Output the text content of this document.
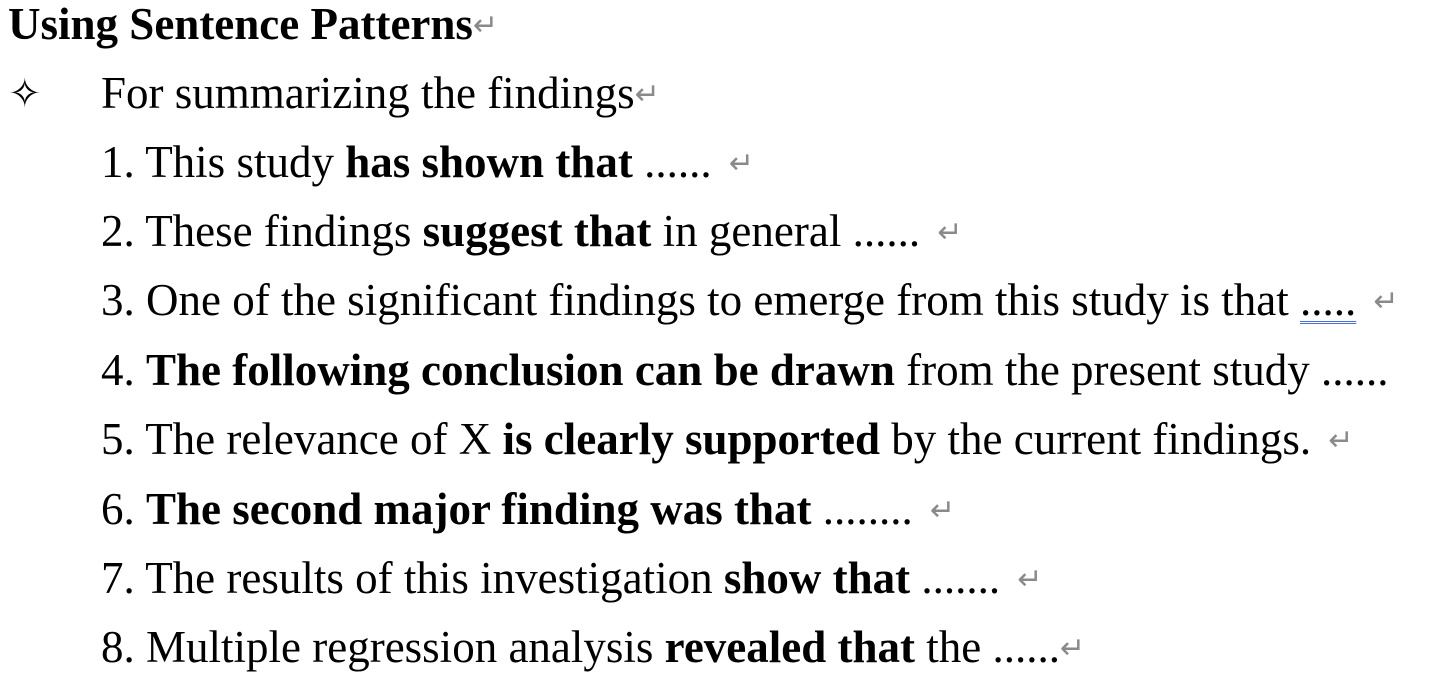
Using Sentence Patterns↵
✧ For summarizing the findings↵
1. This study has shown that ...... ↵
2. These findings suggest that in general ...... ↵
3. One of the significant findings to emerge from this study is that ..... ↵
4. The following conclusion can be drawn from the present study ......
5. The relevance of X is clearly supported by the current findings. ↵
6. The second major finding was that ........ ↵
7. The results of this investigation show that ....... ↵
8. Multiple regression analysis revealed that the ......↵
